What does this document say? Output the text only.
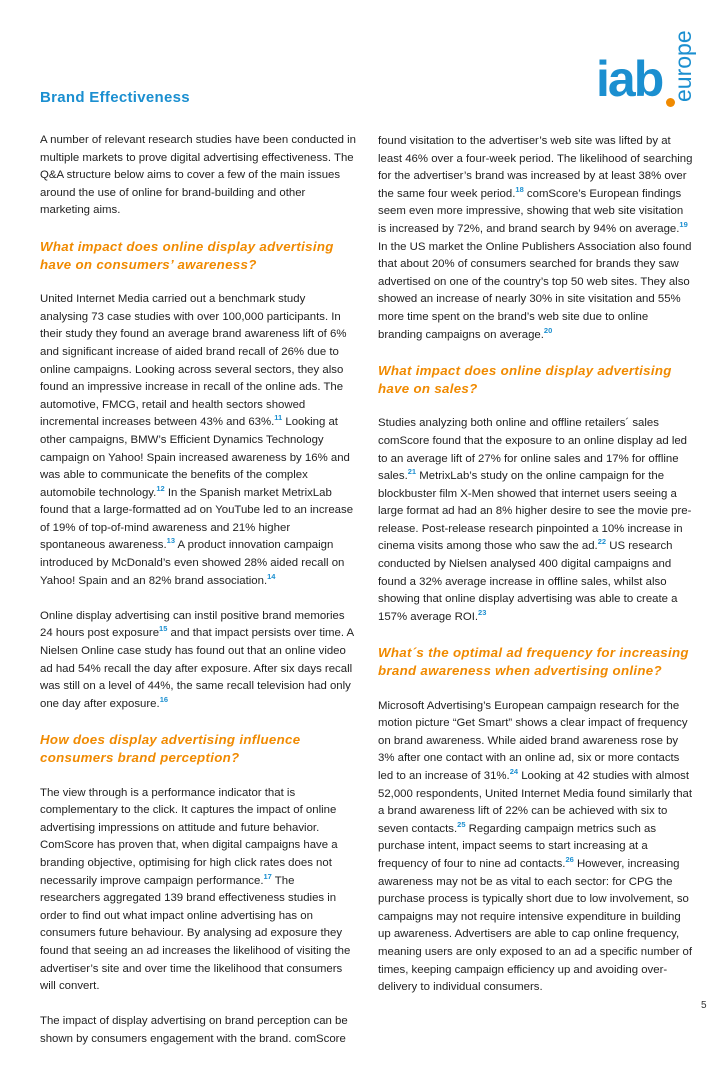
iab europe
Brand Effectiveness

A number of relevant research studies have been conducted in multiple markets to prove digital advertising effectiveness. The Q&A structure below aims to cover a few of the main issues around the use of online for brand-building and other marketing aims.

What impact does online display advertising have on consumers’ awareness?

United Internet Media carried out a benchmark study analysing 73 case studies with over 100,000 participants. In their study they found an average brand awareness lift of 6% and significant increase of aided brand recall of 26% due to online campaigns. Looking across several sectors, they also found an impressive increase in recall of the online ads. The automotive, FMCG, retail and health sectors showed incremental increases between 43% and 63%.$^{11}$ Looking at other campaigns, BMW’s Efficient Dynamics Technology campaign on Yahoo! Spain increased awareness by 16% and was able to communicate the benefits of the complex automobile technology.$^{12}$ In the Spanish market MetrixLab found that a large-formatted ad on YouTube led to an increase of 19% of top-of-mind awareness and 21% higher spontaneous awareness.$^{13}$ A product innovation campaign introduced by McDonald’s even showed 28% aided recall on Yahoo! Spain and an 82% brand association.$^{14}$

Online display advertising can instil positive brand memories 24 hours post exposure$^{15}$ and that impact persists over time. A Nielsen Online case study has found out that an online video ad had 54% recall the day after exposure. After six days recall was still on a level of 44%, the same recall television had only one day after exposure.$^{16}$

How does display advertising influence consumers brand perception?

The view through is a performance indicator that is complementary to the click. It captures the impact of online advertising impressions on attitude and future behavior. ComScore has proven that, when digital campaigns have a branding objective, optimising for high click rates does not necessarily improve campaign performance.$^{17}$ The researchers aggregated 139 brand effectiveness studies in order to find out what impact online advertising has on consumers future behaviour. By analysing ad exposure they found that seeing an ad increases the likelihood of visiting the advertiser’s site and over time the likelihood that consumers will convert.

The impact of display advertising on brand perception can be shown by consumers engagement with the brand. comScore

found visitation to the advertiser’s web site was lifted by at least 46% over a four-week period. The likelihood of searching for the advertiser’s brand was increased by at least 38% over the same four week period.$^{18}$ comScore’s European findings seem even more impressive, showing that web site visitation is increased by 72%, and brand search by 94% on average.$^{19}$ In the US market the Online Publishers Association also found that about 20% of consumers searched for brands they saw advertised on one of the country’s top 50 web sites. They also showed an increase of nearly 30% in site visitation and 55% more time spent on the brand’s web site due to online branding campaigns on average.$^{20}$

What impact does online display advertising have on sales?

Studies analyzing both online and offline retailers´ sales comScore found that the exposure to an online display ad led to an average lift of 27% for online sales and 17% for offline sales.$^{21}$ MetrixLab’s study on the online campaign for the blockbuster film X-Men showed that internet users seeing a large format ad had an 8% higher desire to see the movie pre-release. Post-release research pinpointed a 10% increase in cinema visits among those who saw the ad.$^{22}$ US research conducted by Nielsen analysed 400 digital campaigns and found a 32% average increase in offline sales, whilst also showing that online display advertising was able to create a 157% average ROI.$^{23}$

What´s the optimal ad frequency for increasing brand awareness when advertising online?

Microsoft Advertising’s European campaign research for the motion picture “Get Smart” shows a clear impact of frequency on brand awareness. While aided brand awareness rose by 3% after one contact with an online ad, six or more contacts led to an increase of 31%.$^{24}$ Looking at 42 studies with almost 52,000 respondents, United Internet Media found similarly that a brand awareness lift of 22% can be achieved with six to seven contacts.$^{25}$ Regarding campaign metrics such as purchase intent, impact seems to start increasing at a frequency of four to nine ad contacts.$^{26}$ However, increasing awareness may not be as vital to each sector: for CPG the purchase process is typically short due to low involvement, so campaigns may not require intensive expenditure in building up awareness. Advertisers are able to cap online frequency, meaning users are only exposed to an ad a specific number of times, keeping campaign efficiency up and avoiding over-delivery to individual consumers.

5
